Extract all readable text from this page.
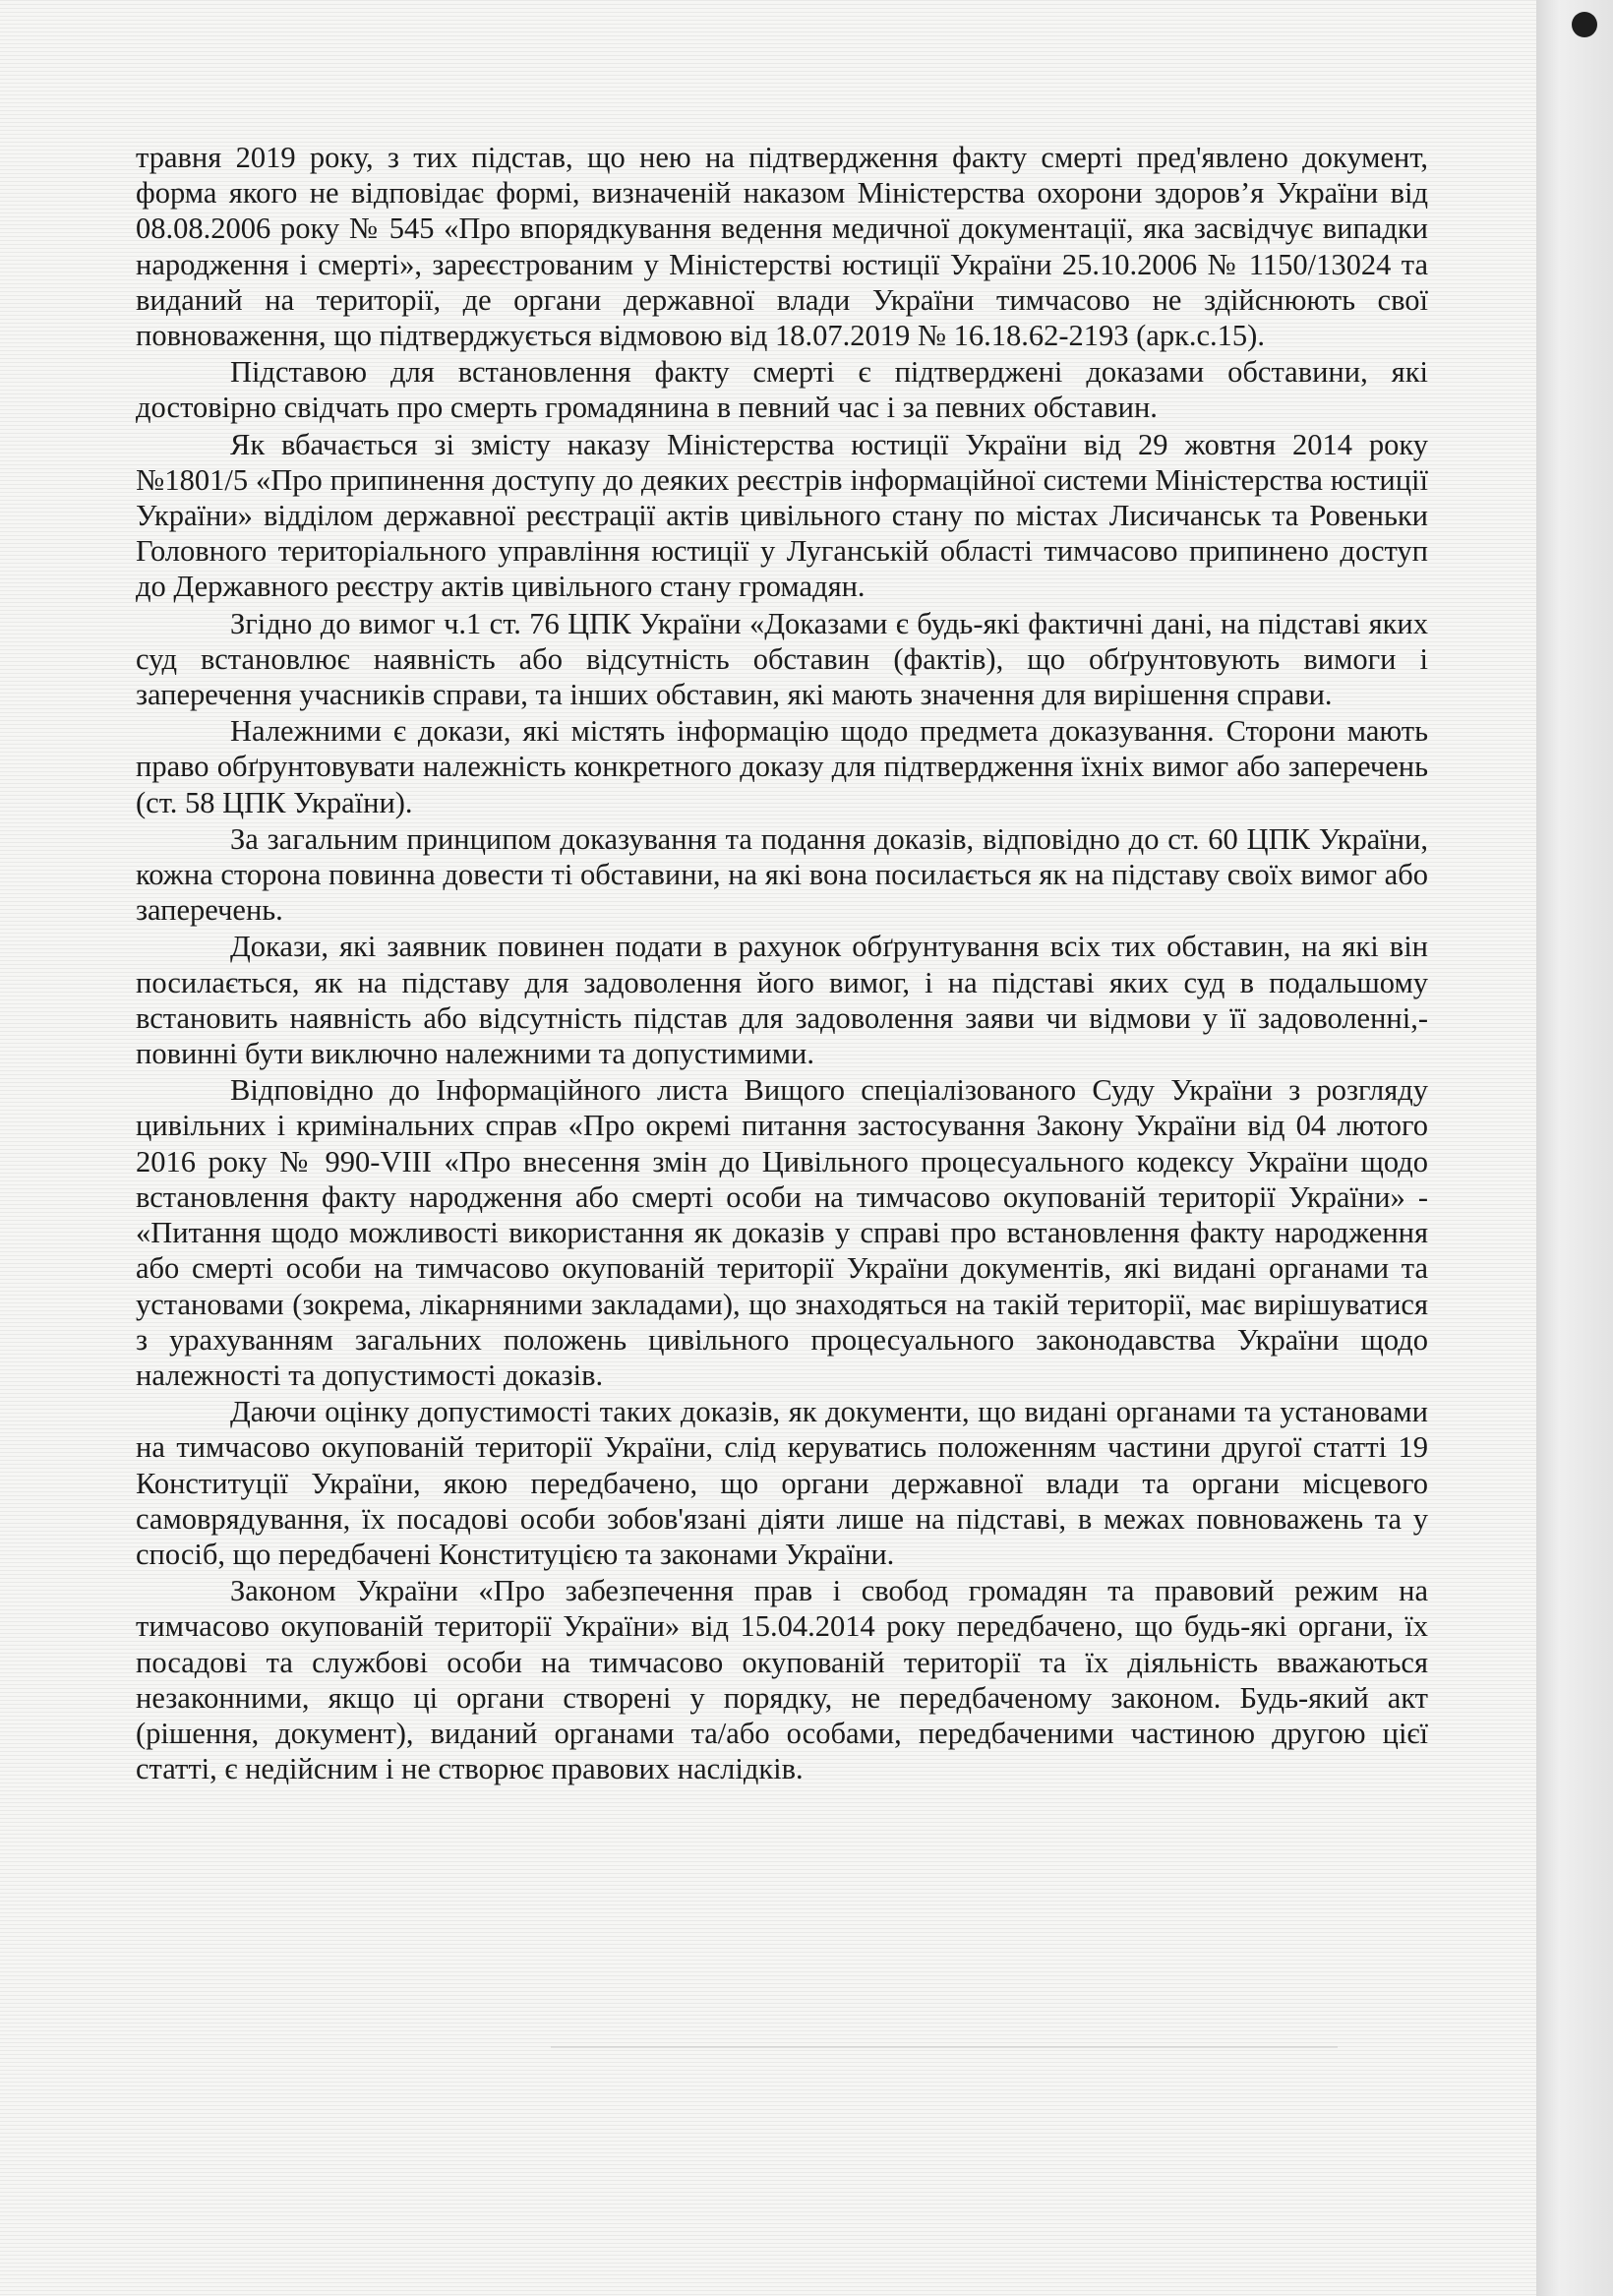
травня 2019 року, з тих підстав, що нею на підтвердження факту смерті пред'явлено документ, форма якого не відповідає формі, визначеній наказом Міністерства охорони здоров’я України від 08.08.2006 року № 545 «Про впорядкування ведення медичної документації, яка засвідчує випадки народження і смерті», зареєстрованим у Міністерстві юстиції України 25.10.2006 № 1150/13024 та виданий на території, де органи державної влади України тимчасово не здійснюють свої повноваження, що підтверджується відмовою від 18.07.2019 № 16.18.62-2193 (арк.с.15).

Підставою для встановлення факту смерті є підтверджені доказами обставини, які достовірно свідчать про смерть громадянина в певний час і за певних обставин.

Як вбачається зі змісту наказу Міністерства юстиції України від 29 жовтня 2014 року №1801/5 «Про припинення доступу до деяких реєстрів інформаційної системи Міністерства юстиції України» відділом державної реєстрації актів цивільного стану по містах Лисичанськ та Ровеньки Головного територіального управління юстиції у Луганській області тимчасово припинено доступ до Державного реєстру актів цивільного стану громадян.

Згідно до вимог ч.1 ст. 76 ЦПК України «Доказами є будь-які фактичні дані, на підставі яких суд встановлює наявність або відсутність обставин (фактів), що обґрунтовують вимоги і заперечення учасників справи, та інших обставин, які мають значення для вирішення справи.

Належними є докази, які містять інформацію щодо предмета доказування. Сторони мають право обґрунтовувати належність конкретного доказу для підтвердження їхніх вимог або заперечень (ст. 58 ЦПК України).

За загальним принципом доказування та подання доказів, відповідно до ст. 60 ЦПК України, кожна сторона повинна довести ті обставини, на які вона посилається як на підставу своїх вимог або заперечень.

Докази, які заявник повинен подати в рахунок обґрунтування всіх тих обставин, на які він посилається, як на підставу для задоволення його вимог, і на підставі яких суд в подальшому встановить наявність або відсутність підстав для задоволення заяви чи відмови у її задоволенні,- повинні бути виключно належними та допустимими.

Відповідно до Інформаційного листа Вищого спеціалізованого Суду України з розгляду цивільних і кримінальних справ «Про окремі питання застосування Закону України від 04 лютого 2016 року № 990-VIII «Про внесення змін до Цивільного процесуального кодексу України щодо встановлення факту народження або смерті особи на тимчасово окупованій території України» - «Питання щодо можливості використання як доказів у справі про встановлення факту народження або смерті особи на тимчасово окупованій території України документів, які видані органами та установами (зокрема, лікарняними закладами), що знаходяться на такій території, має вирішуватися з урахуванням загальних положень цивільного процесуального законодавства України щодо належності та допустимості доказів.

Даючи оцінку допустимості таких доказів, як документи, що видані органами та установами на тимчасово окупованій території України, слід керуватись положенням частини другої статті 19 Конституції України, якою передбачено, що органи державної влади та органи місцевого самоврядування, їх посадові особи зобов'язані діяти лише на підставі, в межах повноважень та у спосіб, що передбачені Конституцією та законами України.

Законом України «Про забезпечення прав і свобод громадян та правовий режим на тимчасово окупованій території України» від 15.04.2014 року передбачено, що будь-які органи, їх посадові та службові особи на тимчасово окупованій території та їх діяльність вважаються незаконними, якщо ці органи створені у порядку, не передбаченому законом. Будь-який акт (рішення, документ), виданий органами та/або особами, передбаченими частиною другою цієї статті, є недійсним і не створює правових наслідків.
